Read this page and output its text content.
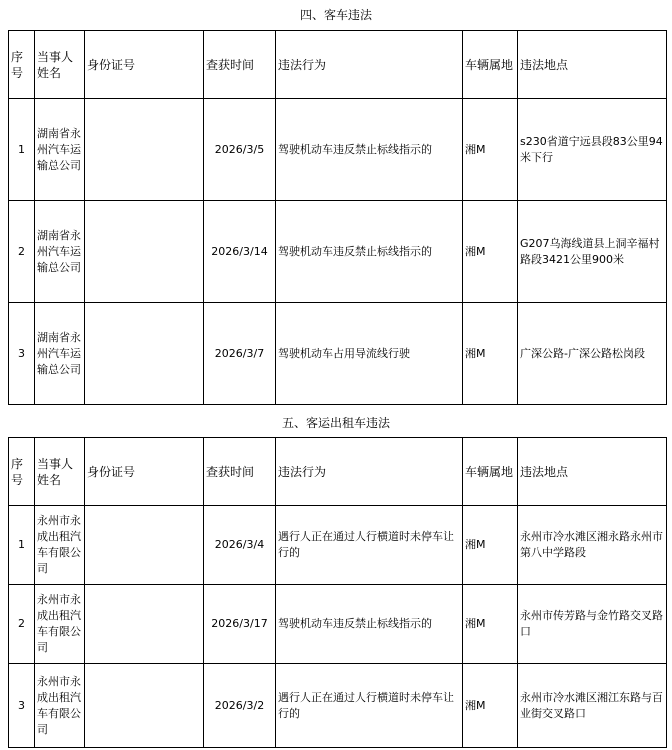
四、客车违法
序号	当事人姓名	身份证号	查获时间	违法行为	车辆属地	违法地点
1	湖南省永州汽车运输总公司		2026/3/5	驾驶机动车违反禁止标线指示的	湘M	s230省道宁远县段83公里94米下行
2	湖南省永州汽车运输总公司		2026/3/14	驾驶机动车违反禁止标线指示的	湘M	G207乌海线道县上洞辛福村路段3421公里900米
3	湖南省永州汽车运输总公司		2026/3/7	驾驶机动车占用导流线行驶	湘M	广深公路-广深公路松岗段
五、客运出租车违法
序号	当事人姓名	身份证号	查获时间	违法行为	车辆属地	违法地点
1	永州市永成出租汽车有限公司		2026/3/4	遇行人正在通过人行横道时未停车让行的	湘M	永州市冷水滩区湘永路永州市第八中学路段
2	永州市永成出租汽车有限公司		2026/3/17	驾驶机动车违反禁止标线指示的	湘M	永州市传芳路与金竹路交叉路口
3	永州市永成出租汽车有限公司		2026/3/2	遇行人正在通过人行横道时未停车让行的	湘M	永州市冷水滩区湘江东路与百业街交叉路口
